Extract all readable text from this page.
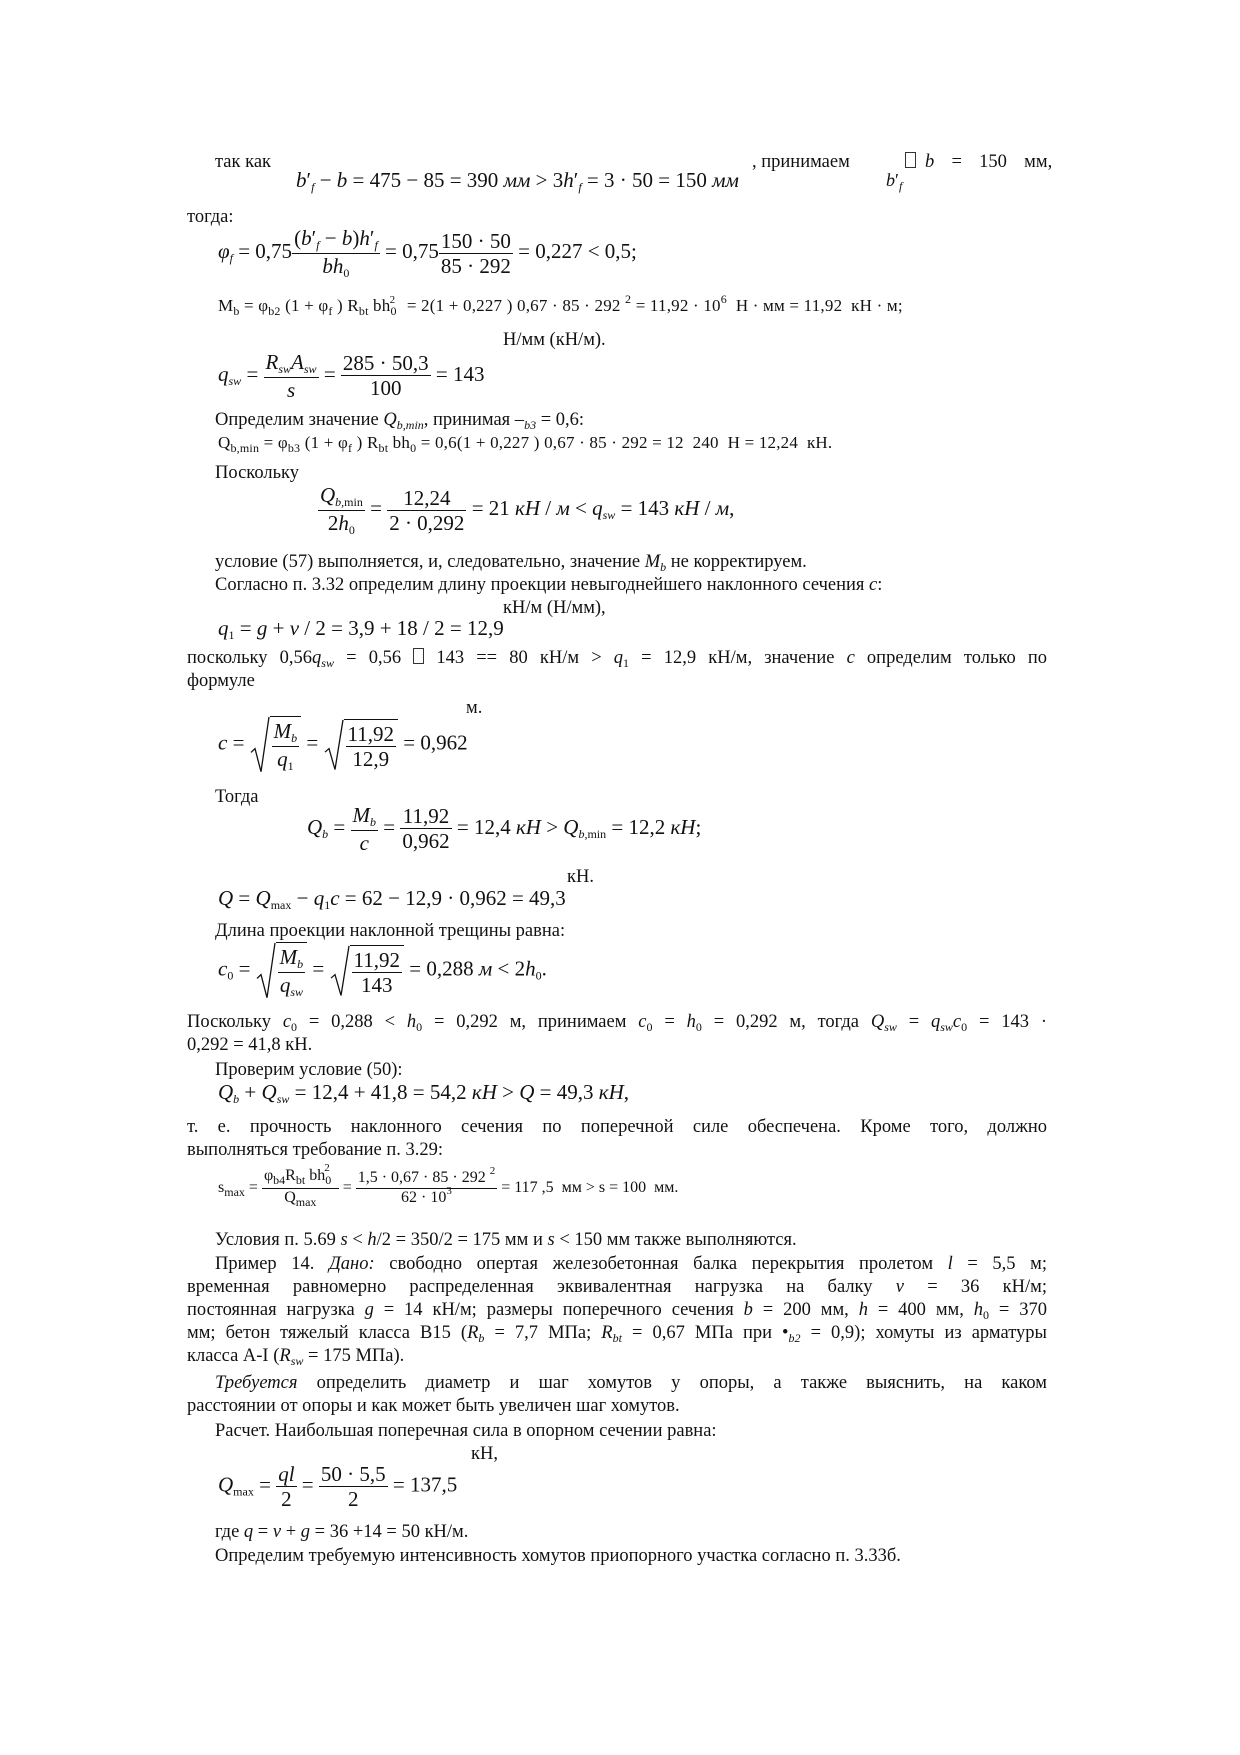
так как
$b'_f - b = 475 - 85 = 390$ мм > $3h'_f = 3 \cdot 50 = 150$ мм
, принимаем	b  =  150  мм,
$b'_f$
тогда:
$\varphi_f = 0,75 \frac{(b'_f - b)h'_f}{bh_0} = 0,75 \frac{150 \cdot 50}{85 \cdot 292} = 0,227 < 0,5$;
$M_b = \varphi_{b2}$ ($1 + \varphi_f$ ) $R_{bt}$ $bh_0^2 = 2(1 + 0,227$ ) 0,67 · 85 · 292 $^2 = 11,92 \cdot 10^6$  Н · мм = 11,92  кН · м;
Н/мм (кН/м).
$q_{sw} = \frac{R_{sw}A_{sw}}{s} = \frac{285 \cdot 50,3}{100} = 143$
Определим значение $Q_{b,min}$, принимая $-_{b3} = 0,6$:
$Q_{b,min} = \varphi_{b3}$ ($1 + \varphi_f$ ) $R_{bt}$ $bh_0 = 0,6(1 + 0,227$ ) 0,67 · 85 · 292 = 12  240  Н = 12,24  кН.
Поскольку
$\frac{Q_{b,min}}{2h_0} = \frac{12,24}{2 \cdot 0,292} = 21$ кН / $м < q_{sw} = 143$ кН / м,
условие (57) выполняется, и, следовательно, значение $M_b$ не корректируем.
Согласно п. 3.32 определим длину проекции невыгоднейшего наклонного сечения c:
кН/м (Н/мм),
$q_1 = g + v / 2 = 3,9 + 18 / 2 = 12,9$
поскольку $0,56q_{sw} = 0,56$  143 == 80 $кН/м > q_1 = 12,9$ кН/м, значение c определим только по
формуле
м.
$c = \frac{M_b}{q_1} = \frac{11,92}{12,9} = 0,962$
Тогда
$Q_b = \frac{M_b}{c} = \frac{11,92}{0,962} = 12,4$ кН > $Q_{b,min} = 12,2$ кН;
кН.
$Q = Q_{max} - q_1c = 62 - 12,9 \cdot 0,962 = 49,3$
Длина проекции наклонной трещины равна:
$c_0 = \frac{M_b}{q_{sw}} = \frac{11,92}{143} = 0,288$ $м < 2h_0$.
Поскольку $c_0 = 0,288 < h_0 = 0,292$ м, принимаем $c_0 = h_0 = 0,292$ м, тогда $Q_{sw} = q_{sw}c_0 = 143$ ·
0,292 = 41,8 кН.
Проверим условие (50):
$Q_b + Q_{sw} = 12,4 + 41,8 = 54,2$ кН > Q = 49,3 кН,
т. е. прочность наклонного сечения по поперечной силе обеспечена. Кроме того, должно
выполняться требование п. 3.29:
$s_{max} = \frac{\varphi_{b4}R_{bt} bh_0^2}{Q_{max}} = \frac{1,5 \cdot 0,67 \cdot 85 \cdot 292 ^2}{62 \cdot 10^3} = 117$ ,5  мм > s = 100  мм.
Условия п. 5.69 s < h/2 = 350/2 = 175 мм и s < 150 мм также выполняются.
Пример 14. Дано: свободно опертая железобетонная балка перекрытия пролетом l = 5,5 м;
временная равномерно распределенная эквивалентная нагрузка на балку v = 36 кН/м;
постоянная нагрузка g = 14 кН/м; размеры поперечного сечения b = 200 мм, h = 400 мм, $h_0 = 370$
мм; бетон тяжелый класса B15 ($R_b = 7,7$ МПа; $R_{bt} = 0,67$ МПа при $•_{b2} = 0,9$); хомуты из арматуры
класса A-I ($R_{sw} = 175$ МПа).
Требуется определить диаметр и шаг хомутов у опоры, а также выяснить, на каком
расстоянии от опоры и как может быть увеличен шаг хомутов.
Расчет. Наибольшая поперечная сила в опорном сечении равна:
кН,
$Q_{max} = \frac{ql}{2} = \frac{50 \cdot 5,5}{2} = 137,5$
где q = v + g = 36 +14 = 50 кН/м.
Определим требуемую интенсивность хомутов приопорного участка согласно п. 3.33б.
